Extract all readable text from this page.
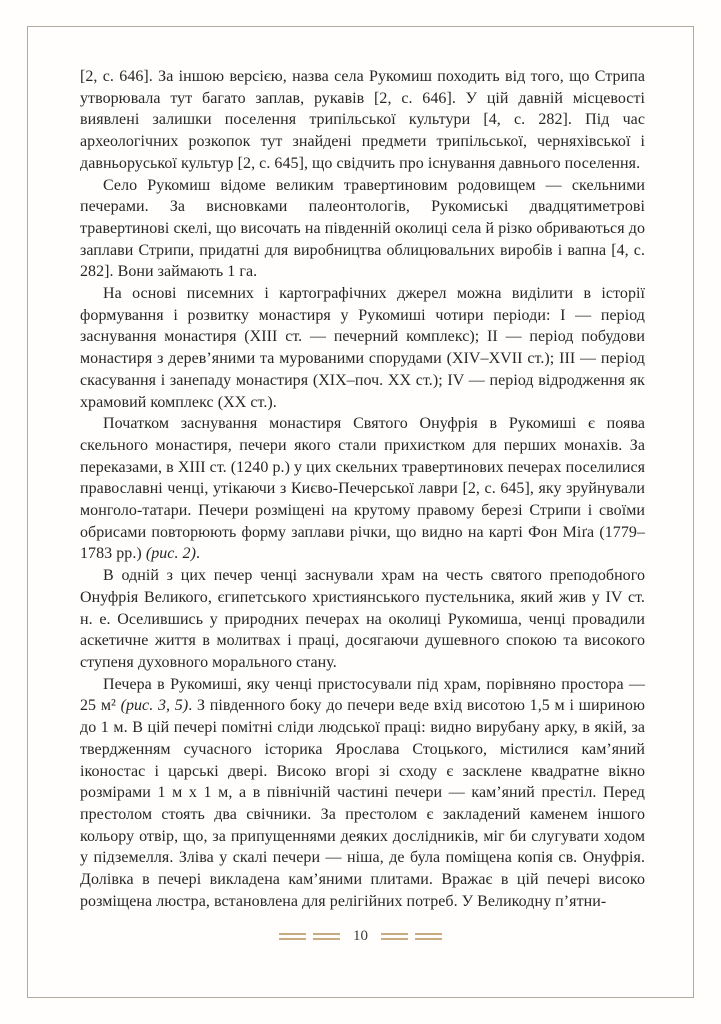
[2, с. 646]. За іншою версією, назва села Рукомиш походить від того, що Стрипа утворювала тут багато заплав, рукавів [2, с. 646]. У цій давній місцевості виявлені залишки поселення трипільської культури [4, с. 282]. Під час археологічних розкопок тут знайдені предмети трипільської, черняхівської і давньоруської культур [2, с. 645], що свідчить про існування давнього поселення.

Село Рукомиш відоме великим травертиновим родовищем — скельними печерами. За висновками палеонтологів, Рукомиські двадцятиметрові травертинові скелі, що височать на південній околиці села й різко обриваються до заплави Стрипи, придатні для виробництва облицювальних виробів і вапна [4, с. 282]. Вони займають 1 га.

На основі писемних і картографічних джерел можна виділити в історії формування і розвитку монастиря у Рукомиші чотири періоди: І — період заснування монастиря (ХІІІ ст. — печерний комплекс); ІІ — період побудови монастиря з дерев’яними та мурованими спорудами (XIV–XVII ст.); ІІІ — період скасування і занепаду монастиря (ХІХ–поч. ХХ ст.); IV — період відродження як храмовий комплекс (ХХ ст.).

Початком заснування монастиря Святого Онуфрія в Рукомиші є поява скельного монастиря, печери якого стали прихистком для перших монахів. За переказами, в ХІІІ ст. (1240 р.) у цих скельних травертинових печерах поселилися православні ченці, утікаючи з Києво-Печерської лаври [2, с. 645], яку зруйнували монголо-татари. Печери розміщені на крутому правому березі Стрипи і своїми обрисами повторюють форму заплави річки, що видно на карті Фон Міґа (1779–1783 рр.) (рис. 2).

В одній з цих печер ченці заснували храм на честь святого преподобного Онуфрія Великого, єгипетського християнського пустельника, який жив у IV ст. н. е. Оселившись у природних печерах на околиці Рукомиша, ченці провадили аскетичне життя в молитвах і праці, досягаючи душевного спокою та високого ступеня духовного морального стану.

Печера в Рукомиші, яку ченці пристосували під храм, порівняно простора — 25 м² (рис. 3, 5). З південного боку до печери веде вхід висотою 1,5 м і шириною до 1 м. В цій печері помітні сліди людської праці: видно вирубану арку, в якій, за твердженням сучасного історика Ярослава Стоцького, містилися кам’яний іконостас і царські двері. Високо вгорі зі сходу є засклене квадратне вікно розмірами 1 м х 1 м, а в північній частині печери — кам’яний престіл. Перед престолом стоять два свічники. За престолом є закладений каменем іншого кольору отвір, що, за припущеннями деяких дослідників, міг би слугувати ходом у підземелля. Зліва у скалі печери — ніша, де була поміщена копія св. Онуфрія. Долівка в печері викладена кам’яними плитами. Вражає в цій печері високо розміщена люстра, встановлена для релігійних потреб. У Великодну п’ятни-

10
